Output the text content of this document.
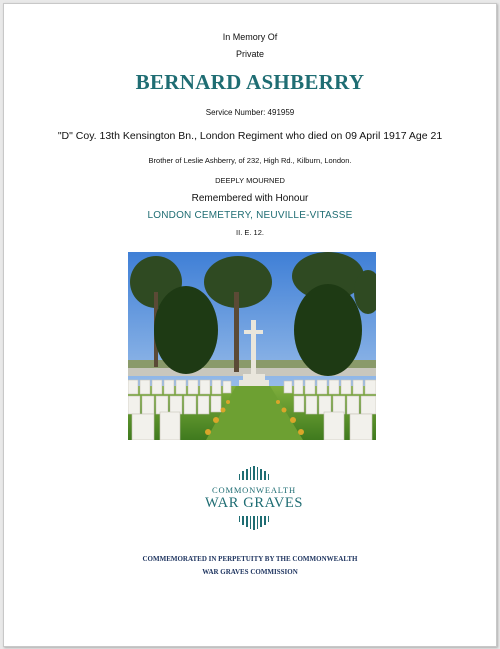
In Memory Of
Private
BERNARD ASHBERRY
Service Number: 491959
"D" Coy. 13th Kensington Bn., London Regiment who died on 09 April 1917 Age 21
Brother of Leslie Ashberry, of 232, High Rd., Kilburn, London.
DEEPLY MOURNED
Remembered with Honour
LONDON CEMETERY, NEUVILLE-VITASSE
II. E. 12.
COMMONWEALTH
WAR GRAVES
COMMEMORATED IN PERPETUITY BY THE COMMONWEALTH
WAR GRAVES COMMISSION
